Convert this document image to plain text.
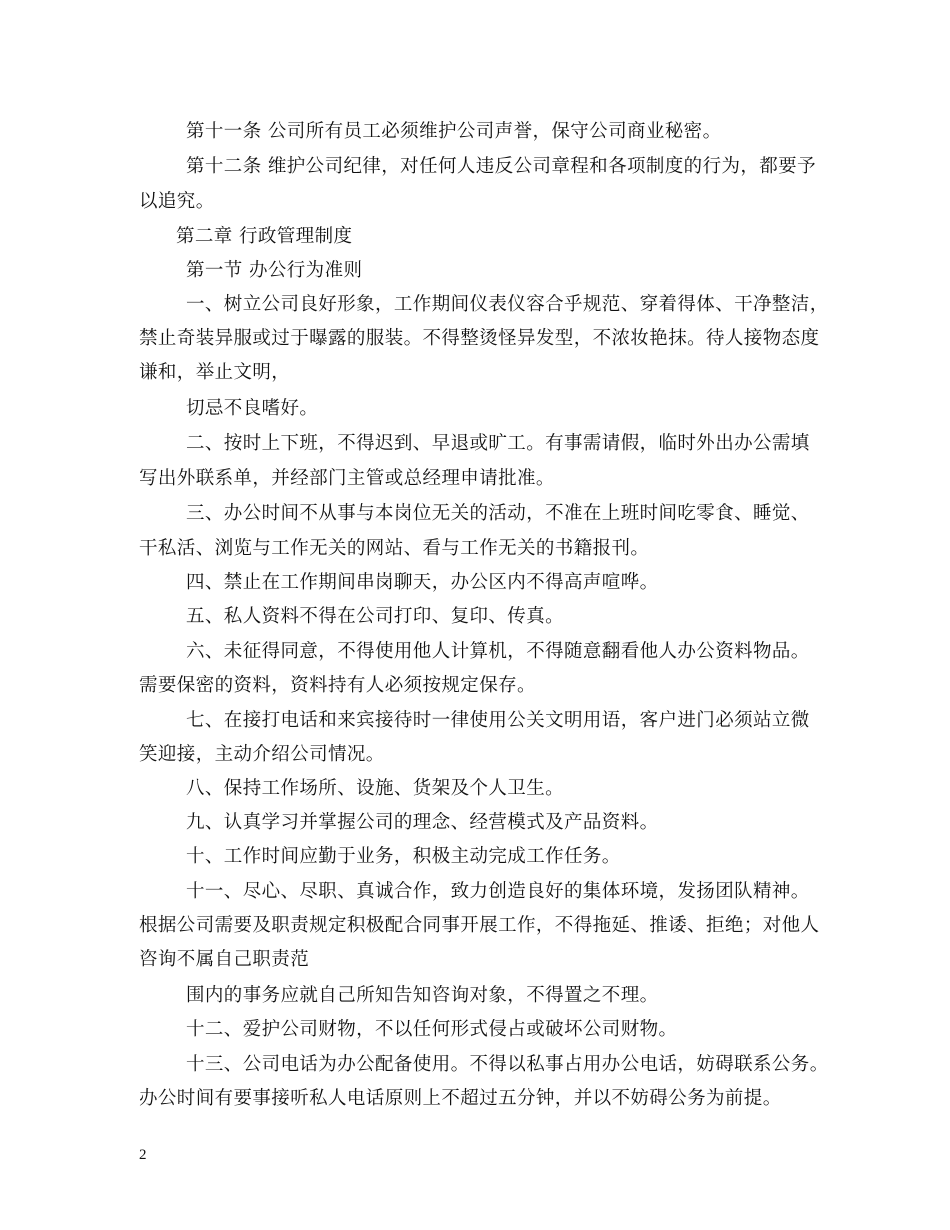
第十一条 公司所有员工必须维护公司声誉，保守公司商业秘密。
第十二条 维护公司纪律，对任何人违反公司章程和各项制度的行为，都要予
以追究。
第二章 行政管理制度
第一节 办公行为准则
一、树立公司良好形象，工作期间仪表仪容合乎规范、穿着得体、干净整洁，
禁止奇装异服或过于曝露的服装。不得整烫怪异发型，不浓妆艳抹。待人接物态度
谦和，举止文明，
切忌不良嗜好。
二、按时上下班，不得迟到、早退或旷工。有事需请假，临时外出办公需填
写出外联系单，并经部门主管或总经理申请批准。
三、办公时间不从事与本岗位无关的活动，不准在上班时间吃零食、睡觉、
干私活、浏览与工作无关的网站、看与工作无关的书籍报刊。
四、禁止在工作期间串岗聊天，办公区内不得高声喧哗。
五、私人资料不得在公司打印、复印、传真。
六、未征得同意，不得使用他人计算机，不得随意翻看他人办公资料物品。
需要保密的资料，资料持有人必须按规定保存。
七、在接打电话和来宾接待时一律使用公关文明用语，客户进门必须站立微
笑迎接，主动介绍公司情况。
八、保持工作场所、设施、货架及个人卫生。
九、认真学习并掌握公司的理念、经营模式及产品资料。
十、工作时间应勤于业务，积极主动完成工作任务。
十一、尽心、尽职、真诚合作，致力创造良好的集体环境，发扬团队精神。
根据公司需要及职责规定积极配合同事开展工作，不得拖延、推诿、拒绝；对他人
咨询不属自己职责范
围内的事务应就自己所知告知咨询对象，不得置之不理。
十二、爱护公司财物，不以任何形式侵占或破坏公司财物。
十三、公司电话为办公配备使用。不得以私事占用办公电话，妨碍联系公务。
办公时间有要事接听私人电话原则上不超过五分钟，并以不妨碍公务为前提。
2
